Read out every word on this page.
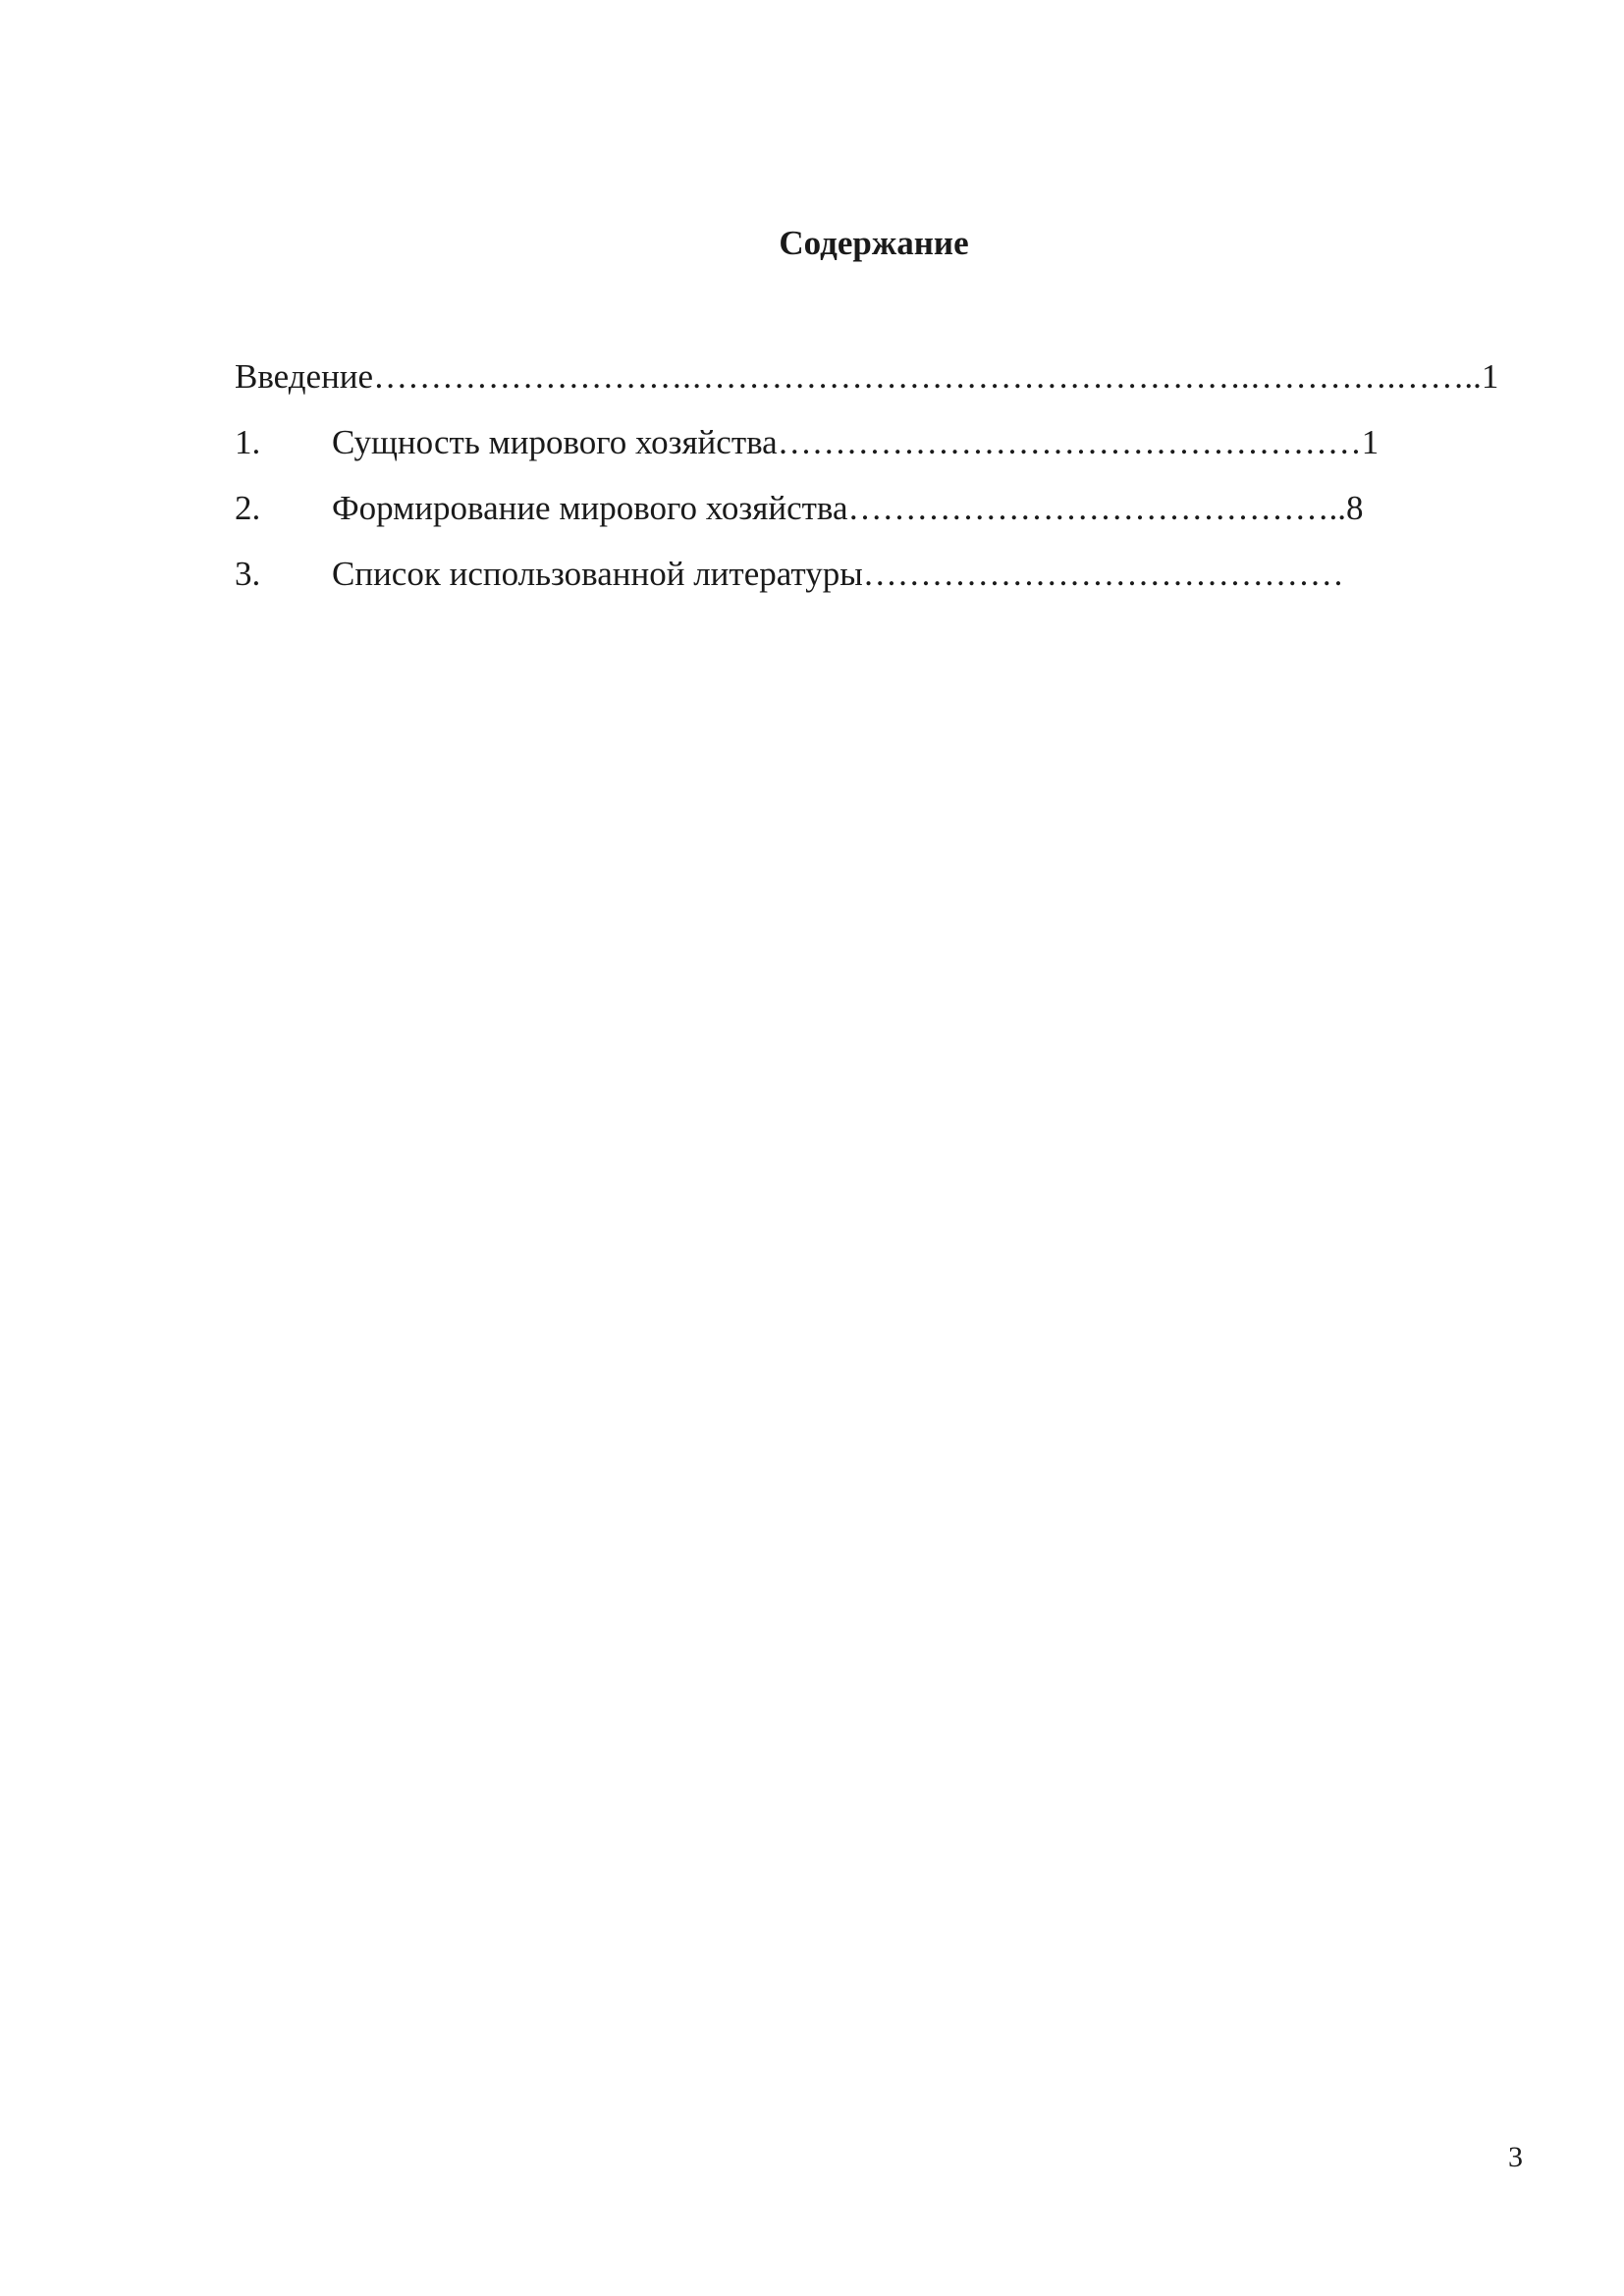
Содержание
Введение……………………….………………………………………….………….……..1
1. Сущность мирового хозяйства……………………………………………1
2. Формирование мирового хозяйства……………………………………..8
3. Список использованной литературы……………………………………
3
